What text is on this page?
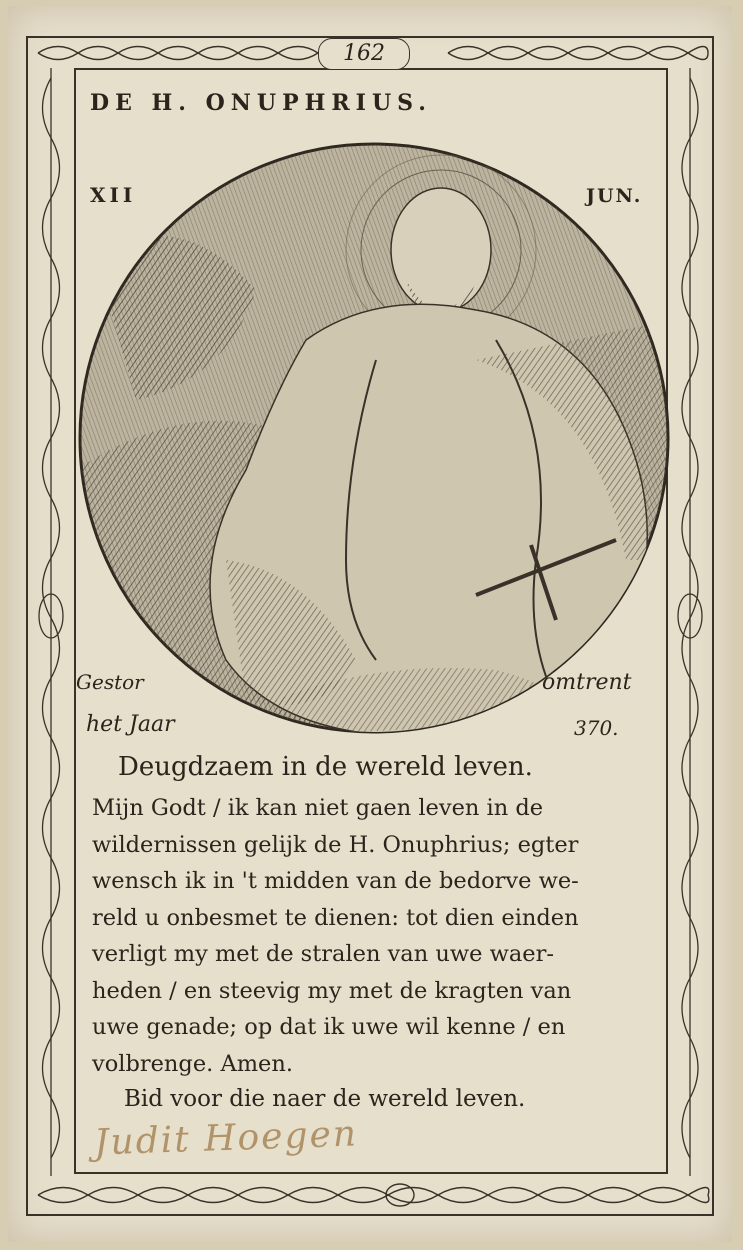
162
DE H. ONUPHRIUS.
XII	JUN.
Gestor
het Jaar
omtrent
370.
Deugdzaem in de wereld leven.

Mijn Godt / ik kan niet gaen leven in de
wildernissen gelijk de H. Onuphrius; egter
wensch ik in 't midden van de bedorve we-
reld u onbesmet te dienen: tot dien einden
verligt my met de stralen van uwe waer-
heden / en steevig my met de kragten van
uwe genade; op dat ik uwe wil kenne / en
volbrenge. Amen.

Bid voor die naer de wereld leven.
Judit Hoegen
